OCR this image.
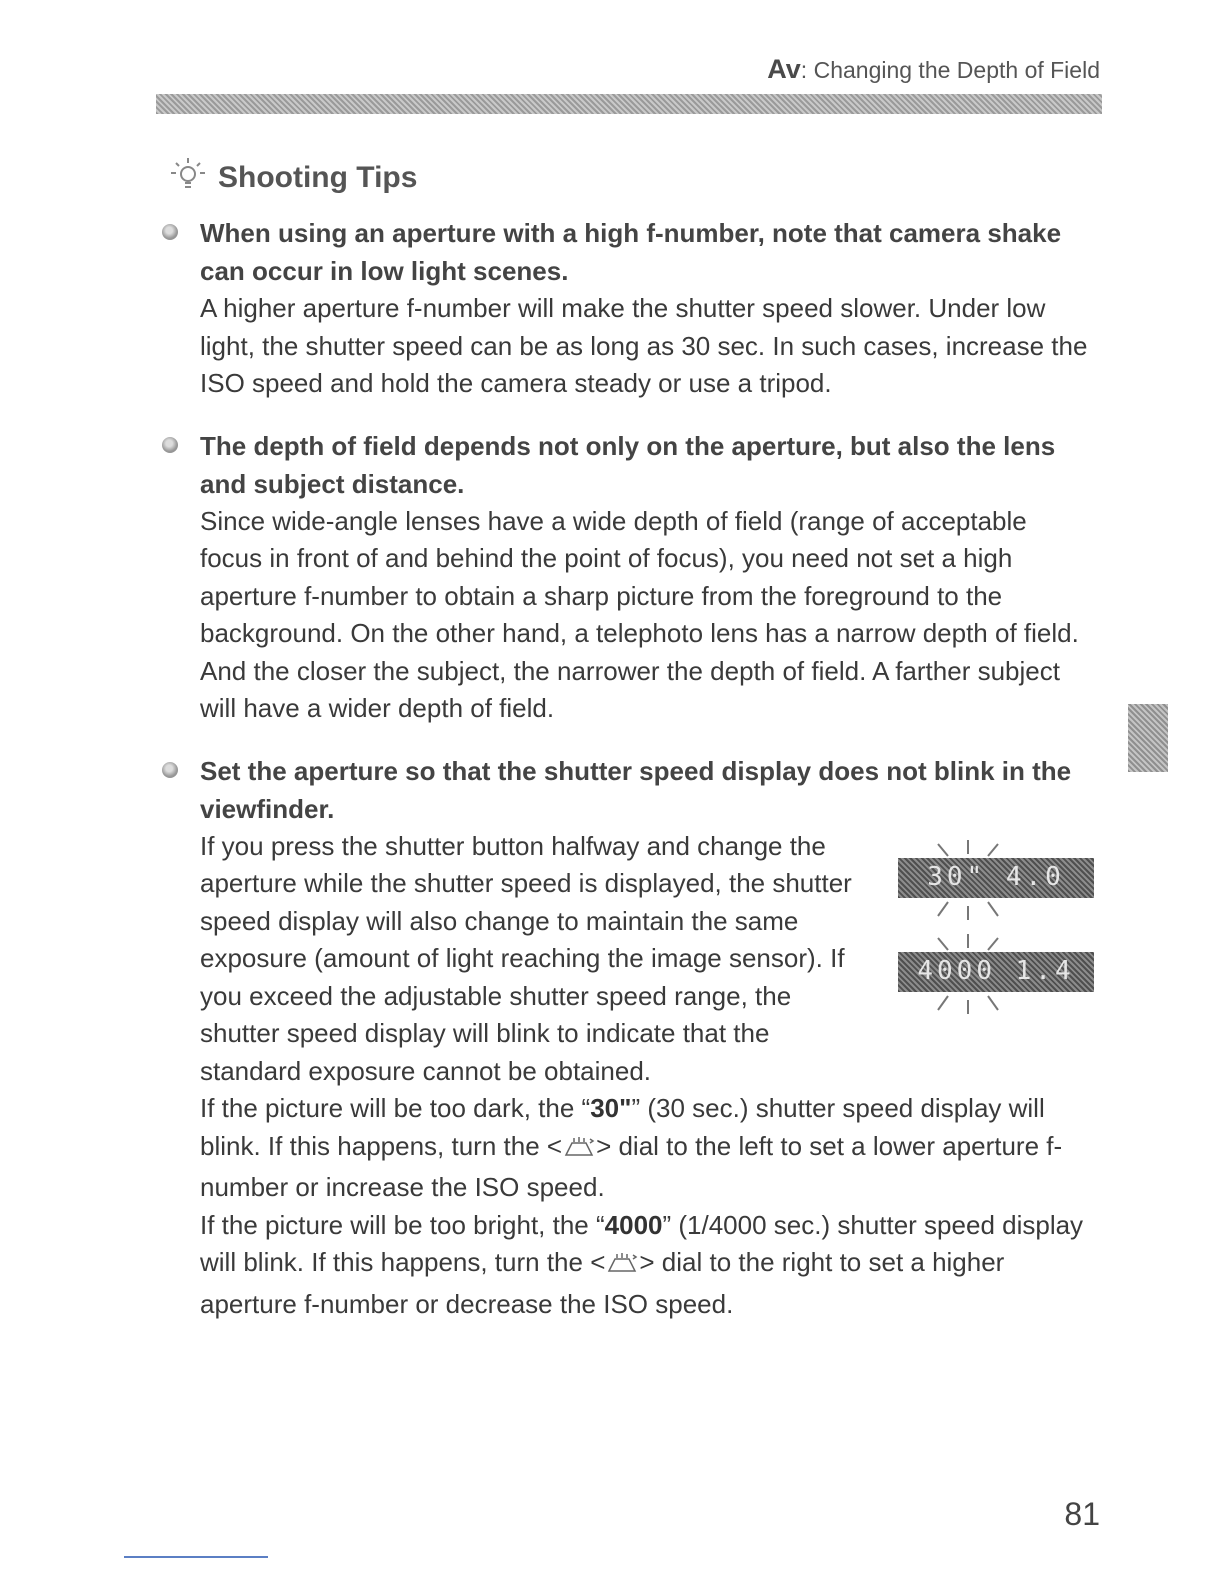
Av: Changing the Depth of Field
Shooting Tips

When using an aperture with a high f-number, note that camera shake can occur in low light scenes.

A higher aperture f-number will make the shutter speed slower. Under low light, the shutter speed can be as long as 30 sec. In such cases, increase the ISO speed and hold the camera steady or use a tripod.

The depth of field depends not only on the aperture, but also the lens and subject distance.

Since wide-angle lenses have a wide depth of field (range of acceptable focus in front of and behind the point of focus), you need not set a high aperture f-number to obtain a sharp picture from the foreground to the background. On the other hand, a telephoto lens has a narrow depth of field.

And the closer the subject, the narrower the depth of field. A farther subject will have a wider depth of field.

Set the aperture so that the shutter speed display does not blink in the viewfinder.

If you press the shutter button halfway and change the aperture while the shutter speed is displayed, the shutter speed display will also change to maintain the same exposure (amount of light reaching the image sensor). If you exceed the adjustable shutter speed range, the shutter speed display will blink to indicate that the standard exposure cannot be obtained.

30" 4.0
4000 1.4

If the picture will be too dark, the “30"” (30 sec.) shutter speed display will blink. If this happens, turn the < > dial to the left to set a lower aperture f-number or increase the ISO speed.

If the picture will be too bright, the “4000” (1/4000 sec.) shutter speed display will blink. If this happens, turn the < > dial to the right to set a higher aperture f-number or decrease the ISO speed.

81
